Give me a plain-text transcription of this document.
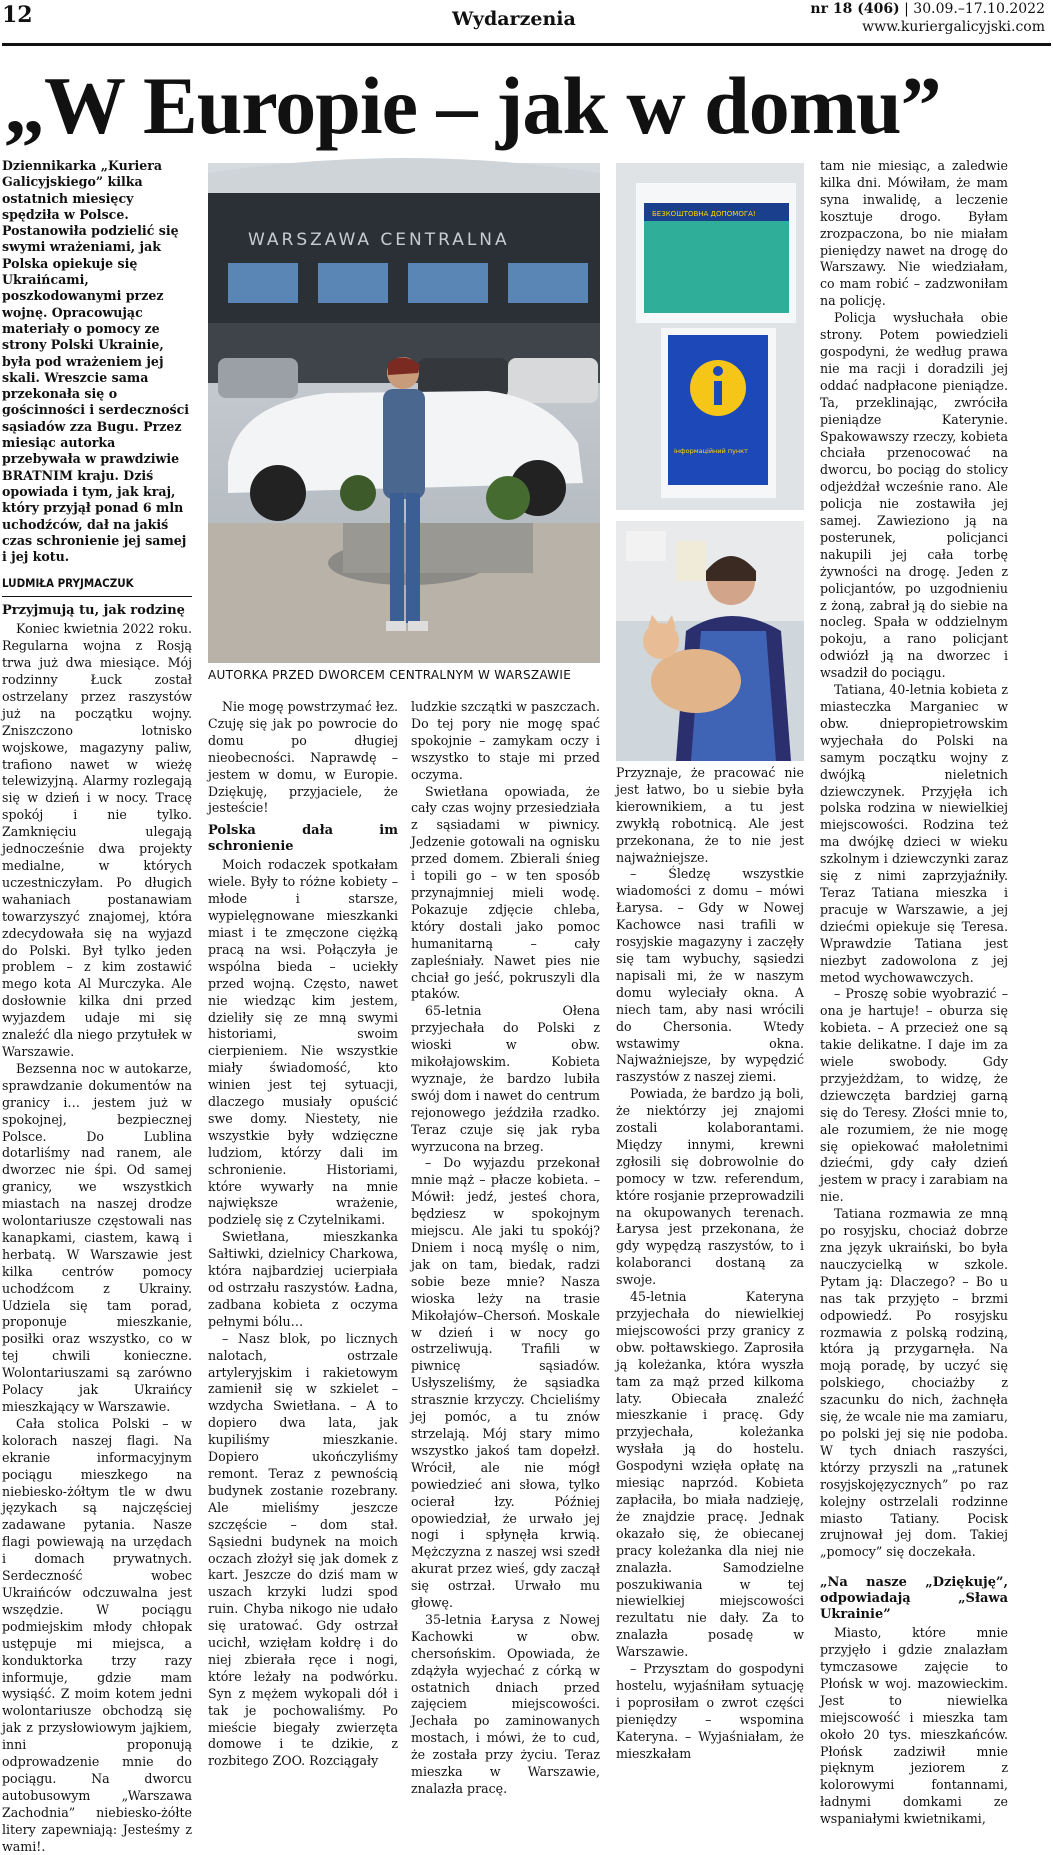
12	Wydarzenia	nr 18 (406) | 30.09.–17.10.2022
www.kuriergalicyjski.com
„W Europie – jak w domu”
Dziennikarka „Kuriera Galicyjskiego” kilka ostatnich miesięcy spędziła w Polsce. Postanowiła podzielić się swymi wrażeniami, jak Polska opiekuje się Ukraińcami, poszkodowanymi przez wojnę. Opracowując materiały o pomocy ze strony Polski Ukrainie, była pod wrażeniem jej skali. Wreszcie sama przekonała się o gościnności i serdeczności sąsiadów zza Bugu. Przez miesiąc autorka przebywała w prawdziwie BRATNIM kraju. Dziś opowiada i tym, jak kraj, który przyjął ponad 6 mln uchodźców, dał na jakiś czas schronienie jej samej i jej kotu.
LUDMIŁA PRYJMACZUK
Przyjmują tu, jak rodzinę

Koniec kwietnia 2022 roku. Regularna wojna z Rosją trwa już dwa miesiące. Mój rodzinny Łuck został ostrzelany przez raszystów już na początku wojny. Zniszczono lotnisko wojskowe, magazyny paliw, trafiono nawet w wieżę telewizyjną. Alarmy rozlegają się w dzień i w nocy. Tracę spokój i nie tylko. Zamknięciu ulegają jednocześnie dwa projekty medialne, w których uczestniczyłam. Po długich wahaniach postanawiam towarzyszyć znajomej, która zdecydowała się na wyjazd do Polski. Był tylko jeden problem – z kim zostawić mego kota Al Murczyka. Ale dosłownie kilka dni przed wyjazdem udaje mi się znaleźć dla niego przytułek w Warszawie.

Bezsenna noc w autokarze, sprawdzanie dokumentów na granicy i… jestem już w spokojnej, bezpiecznej Polsce. Do Lublina dotarliśmy nad ranem, ale dworzec nie śpi. Od samej granicy, we wszystkich miastach na naszej drodze wolontariusze częstowali nas kanapkami, ciastem, kawą i herbatą. W Warszawie jest kilka centrów pomocy uchodźcom z Ukrainy. Udziela się tam porad, proponuje mieszkanie, posiłki oraz wszystko, co w tej chwili konieczne. Wolontariuszami są zarówno Polacy jak Ukraińcy mieszkający w Warszawie.

Cała stolica Polski – w kolorach naszej flagi. Na ekranie informacyjnym pociągu mieszkego na niebiesko-żółtym tle w dwu językach są najczęściej zadawane pytania. Nasze flagi powiewają na urzędach i domach prywatnych. Serdeczność wobec Ukraińców odczuwalna jest wszędzie. W pociągu podmiejskim młody chłopak ustępuje mi miejsca, a konduktorka trzy razy informuje, gdzie mam wysiąść. Z moim kotem jedni wolontariusze obchodzą się jak z przysłowiowym jajkiem, inni proponują odprowadzenie mnie do pociągu. Na dworcu autobusowym „Warszawa Zachodnia” niebiesko-żółte litery zapewniają: Jesteśmy z wami!.

WARSZAWA CENTRALNA
AUTORKA PRZED DWORCEM CENTRALNYM W WARSZAWIE
БЕЗКОШТОВНА ДОПОМОГА!
інформаційний пункт

Nie mogę powstrzymać łez. Czuję się jak po powrocie do domu po długiej nieobecności. Naprawdę – jestem w domu, w Europie. Dziękuję, przyjaciele, że jesteście!

Polska dała im schronienie

Moich rodaczek spotkałam wiele. Były to różne kobiety – młode i starsze, wypielęgnowane mieszkanki miast i te zmęczone ciężką pracą na wsi. Połączyła je wspólna bieda – uciekły przed wojną. Często, nawet nie wiedząc kim jestem, dzieliły się ze mną swymi historiami, swoim cierpieniem. Nie wszystkie miały świadomość, kto winien jest tej sytuacji, dlaczego musiały opuścić swe domy. Niestety, nie wszystkie były wdzięczne ludziom, którzy dali im schronienie. Historiami, które wywarły na mnie największe wrażenie, podzielę się z Czytelnikami.

Swietłana, mieszkanka Sałtiwki, dzielnicy Charkowa, która najbardziej ucierpiała od ostrzału raszystów. Ładna, zadbana kobieta z oczyma pełnymi bólu…

– Nasz blok, po licznych nalotach, ostrzale artyleryjskim i rakietowym zamienił się w szkielet – wzdycha Swietłana. – A to dopiero dwa lata, jak kupiliśmy mieszkanie. Dopiero ukończyliśmy remont. Teraz z pewnością budynek zostanie rozebrany. Ale mieliśmy jeszcze szczęście – dom stał. Sąsiedni budynek na moich oczach złożył się jak domek z kart. Jeszcze do dziś mam w uszach krzyki ludzi spod ruin. Chyba nikogo nie udało się uratować. Gdy ostrzał ucichł, wzięłam kołdrę i do niej zbierała ręce i nogi, które leżały na podwórku. Syn z mężem wykopali dół i tak je pochowaliśmy. Po mieście biegały zwierzęta domowe i te dzikie, z rozbitego ZOO. Rozciągały

ludzkie szczątki w paszczach. Do tej pory nie mogę spać spokojnie – zamykam oczy i wszystko to staje mi przed oczyma.

Swietłana opowiada, że cały czas wojny przesiedziała z sąsiadami w piwnicy. Jedzenie gotowali na ognisku przed domem. Zbierali śnieg i topili go – w ten sposób przynajmniej mieli wodę. Pokazuje zdjęcie chleba, który dostali jako pomoc humanitarną – cały zapleśniały. Nawet pies nie chciał go jeść, pokruszyli dla ptaków.

65-letnia Ołena przyjechała do Polski z wioski w obw. mikołajowskim. Kobieta wyznaje, że bardzo lubiła swój dom i nawet do centrum rejonowego jeździła rzadko. Teraz czuje się jak ryba wyrzucona na brzeg.

– Do wyjazdu przekonał mnie mąż – płacze kobieta. – Mówił: jedź, jesteś chora, będziesz w spokojnym miejscu. Ale jaki tu spokój? Dniem i nocą myślę o nim, jak on tam, biedak, radzi sobie beze mnie? Nasza wioska leży na trasie Mikołajów–Chersoń. Moskale w dzień i w nocy go ostrzeliwują. Trafili w piwnicę sąsiadów. Usłyszeliśmy, że sąsiadka strasznie krzyczy. Chcieliśmy jej pomóc, a tu znów strzelają. Mój stary mimo wszystko jakoś tam dopełzł. Wrócił, ale nie mógł powiedzieć ani słowa, tylko ocierał łzy. Później opowiedział, że urwało jej nogi i spłynęła krwią. Mężczyzna z naszej wsi szedł akurat przez wieś, gdy zaczął się ostrzał. Urwało mu głowę.

35-letnia Łarysa z Nowej Kachowki w obw. chersońskim. Opowiada, że zdążyła wyjechać z córką w ostatnich dniach przed zajęciem miejscowości. Jechała po zaminowanych mostach, i mówi, że to cud, że została przy życiu. Teraz mieszka w Warszawie, znalazła pracę.

Przyznaje, że pracować nie jest łatwo, bo u siebie była kierownikiem, a tu jest zwykłą robotnicą. Ale jest przekonana, że to nie jest najważniejsze.

– Śledzę wszystkie wiadomości z domu – mówi Łarysa. – Gdy w Nowej Kachowce nasi trafili w rosyjskie magazyny i zaczęły się tam wybuchy, sąsiedzi napisali mi, że w naszym domu wyleciały okna. A niech tam, aby nasi wrócili do Chersonia. Wtedy wstawimy okna. Najważniejsze, by wypędzić raszystów z naszej ziemi.

Powiada, że bardzo ją boli, że niektórzy jej znajomi zostali kolaborantami. Między innymi, krewni zgłosili się dobrowolnie do pomocy w tzw. referendum, które rosjanie przeprowadzili na okupowanych terenach. Łarysa jest przekonana, że gdy wypędzą raszystów, to i kolaboranci dostaną za swoje.

45-letnia Kateryna przyjechała do niewielkiej miejscowości przy granicy z obw. połtawskiego. Zaprosiła ją koleżanka, która wyszła tam za mąż przed kilkoma laty. Obiecała znaleźć mieszkanie i pracę. Gdy przyjechała, koleżanka wysłała ją do hostelu. Gospodyni wzięła opłatę na miesiąc naprzód. Kobieta zapłaciła, bo miała nadzieję, że znajdzie pracę. Jednak okazało się, że obiecanej pracy koleżanka dla niej nie znalazła. Samodzielne poszukiwania w tej niewielkiej miejscowości rezultatu nie dały. Za to znalazła posadę w Warszawie.

– Przysztam do gospodyni hostelu, wyjaśniłam sytuację i poprosiłam o zwrot części pieniędzy – wspomina Kateryna. – Wyjaśniałam, że mieszkałam

tam nie miesiąc, a zaledwie kilka dni. Mówiłam, że mam syna inwalidę, a leczenie kosztuje drogo. Byłam zrozpaczona, bo nie miałam pieniędzy nawet na drogę do Warszawy. Nie wiedziałam, co mam robić – zadzwoniłam na policję.

Policja wysłuchała obie strony. Potem powiedzieli gospodyni, że według prawa nie ma racji i doradzili jej oddać nadpłacone pieniądze. Ta, przeklinając, zwróciła pieniądze Katerynie. Spakowawszy rzeczy, kobieta chciała przenocować na dworcu, bo pociąg do stolicy odjeżdżał wcześnie rano. Ale policja nie zostawiła jej samej. Zawieziono ją na posterunek, policjanci nakupili jej cała torbę żywności na drogę. Jeden z policjantów, po uzgodnieniu z żoną, zabrał ją do siebie na nocleg. Spała w oddzielnym pokoju, a rano policjant odwiózł ją na dworzec i wsadził do pociągu.

Tatiana, 40-letnia kobieta z miasteczka Marganiec w obw. dniepropietrowskim wyjechała do Polski na samym początku wojny z dwójką nieletnich dziewczynek. Przyjęła ich polska rodzina w niewielkiej miejscowości. Rodzina też ma dwójkę dzieci w wieku szkolnym i dziewczynki zaraz się z nimi zaprzyjaźniły. Teraz Tatiana mieszka i pracuje w Warszawie, a jej dziećmi opiekuje się Teresa. Wprawdzie Tatiana jest niezbyt zadowolona z jej metod wychowawczych.

– Proszę sobie wyobrazić – ona je hartuje! – oburza się kobieta. – A przecież one są takie delikatne. I daje im za wiele swobody. Gdy przyjeżdżam, to widzę, że dziewczęta bardziej garną się do Teresy. Złości mnie to, ale rozumiem, że nie mogę się opiekować małoletnimi dziećmi, gdy cały dzień jestem w pracy i zarabiam na nie.

Tatiana rozmawia ze mną po rosyjsku, chociaż dobrze zna język ukraiński, bo była nauczycielką w szkole. Pytam ją: Dlaczego? – Bo u nas tak przyjęto – brzmi odpowiedź. Po rosyjsku rozmawia z polską rodziną, która ją przygarnęła. Na moją poradę, by uczyć się polskiego, chociażby z szacunku do nich, żachnęła się, że wcale nie ma zamiaru, po polski jej się nie podoba. W tych dniach raszyści, którzy przyszli na „ratunek rosyjskojęzycznych” po raz kolejny ostrzelali rodzinne miasto Tatiany. Pocisk zrujnował jej dom. Takiej „pomocy” się doczekała.

„Na nasze „Dziękuję”, odpowiadają „Sława Ukrainie”

Miasto, które mnie przyjęło i gdzie znalazłam tymczasowe zajęcie to Płońsk w woj. mazowieckim. Jest to niewielka miejscowość i mieszka tam około 20 tys. mieszkańców. Płońsk zadziwił mnie pięknym jeziorem z kolorowymi fontannami, ładnymi domkami ze wspaniałymi kwietnikami,
